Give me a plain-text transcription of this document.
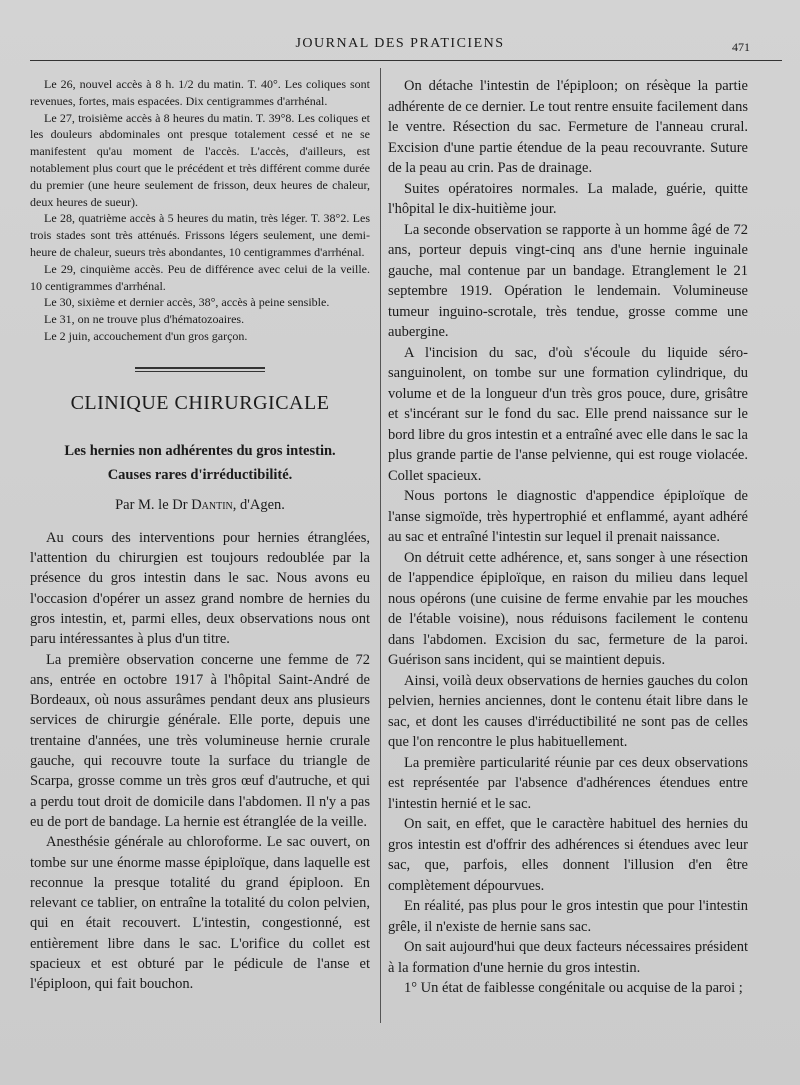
JOURNAL DES PRATICIENS	471

Le 26, nouvel accès à 8 h. 1/2 du matin. T. 40°. Les coliques sont revenues, fortes, mais espacées. Dix centigrammes d'arrhénal.

Le 27, troisième accès à 8 heures du matin. T. 39°8. Les coliques et les douleurs abdominales ont presque totalement cessé et ne se manifestent qu'au moment de l'accès. L'accès, d'ailleurs, est notablement plus court que le précédent et très différent comme durée du premier (une heure seulement de frisson, deux heures de chaleur, deux heures de sueur).

Le 28, quatrième accès à 5 heures du matin, très léger. T. 38°2. Les trois stades sont très atténués. Frissons légers seulement, une demi-heure de chaleur, sueurs très abondantes, 10 centigrammes d'arrhénal.

Le 29, cinquième accès. Peu de différence avec celui de la veille. 10 centigrammes d'arrhénal.

Le 30, sixième et dernier accès, 38°, accès à peine sensible.

Le 31, on ne trouve plus d'hématozoaires.

Le 2 juin, accouchement d'un gros garçon.

CLINIQUE CHIRURGICALE
Les hernies non adhérentes du gros intestin.
Causes rares d'irréductibilité.
Par M. le Dr Dantin, d'Agen.

Au cours des interventions pour hernies étranglées, l'attention du chirurgien est toujours redoublée par la présence du gros intestin dans le sac. Nous avons eu l'occasion d'opérer un assez grand nombre de hernies du gros intestin, et, parmi elles, deux observations nous ont paru intéressantes à plus d'un titre.

La première observation concerne une femme de 72 ans, entrée en octobre 1917 à l'hôpital Saint-André de Bordeaux, où nous assurâmes pendant deux ans plusieurs services de chirurgie générale. Elle porte, depuis une trentaine d'années, une très volumineuse hernie crurale gauche, qui recouvre toute la surface du triangle de Scarpa, grosse comme un très gros œuf d'autruche, et qui a perdu tout droit de domicile dans l'abdomen. Il n'y a pas eu de port de bandage. La hernie est étranglée de la veille.

Anesthésie générale au chloroforme. Le sac ouvert, on tombe sur une énorme masse épiploïque, dans laquelle est reconnue la presque totalité du grand épiploon. En relevant ce tablier, on entraîne la totalité du colon pelvien, qui en était recouvert. L'intestin, congestionné, est entièrement libre dans le sac. L'orifice du collet est spacieux et est obturé par le pédicule de l'anse et l'épiploon, qui fait bouchon.

On détache l'intestin de l'épiploon; on résèque la partie adhérente de ce dernier. Le tout rentre ensuite facilement dans le ventre. Résection du sac. Fermeture de l'anneau crural. Excision d'une partie étendue de la peau recouvrante. Suture de la peau au crin. Pas de drainage.

Suites opératoires normales. La malade, guérie, quitte l'hôpital le dix-huitième jour.

La seconde observation se rapporte à un homme âgé de 72 ans, porteur depuis vingt-cinq ans d'une hernie inguinale gauche, mal contenue par un bandage. Etranglement le 21 septembre 1919. Opération le lendemain. Volumineuse tumeur inguino-scrotale, très tendue, grosse comme une aubergine.

A l'incision du sac, d'où s'écoule du liquide séro-sanguinolent, on tombe sur une formation cylindrique, du volume et de la longueur d'un très gros pouce, dure, grisâtre et s'incérant sur le fond du sac. Elle prend naissance sur le bord libre du gros intestin et a entraîné avec elle dans le sac la plus grande partie de l'anse pelvienne, qui est rouge violacée. Collet spacieux.

Nous portons le diagnostic d'appendice épiploïque de l'anse sigmoïde, très hypertrophié et enflammé, ayant adhéré au sac et entraîné l'intestin sur lequel il prenait naissance.

On détruit cette adhérence, et, sans songer à une résection de l'appendice épiploïque, en raison du milieu dans lequel nous opérons (une cuisine de ferme envahie par les mouches de l'étable voisine), nous réduisons facilement le contenu dans l'abdomen. Excision du sac, fermeture de la paroi. Guérison sans incident, qui se maintient depuis.

Ainsi, voilà deux observations de hernies gauches du colon pelvien, hernies anciennes, dont le contenu était libre dans le sac, et dont les causes d'irréductibilité ne sont pas de celles que l'on rencontre le plus habituellement.

La première particularité réunie par ces deux observations est représentée par l'absence d'adhérences étendues entre l'intestin hernié et le sac.

On sait, en effet, que le caractère habituel des hernies du gros intestin est d'offrir des adhérences si étendues avec leur sac, que, parfois, elles donnent l'illusion d'en être complètement dépourvues.

En réalité, pas plus pour le gros intestin que pour l'intestin grêle, il n'existe de hernie sans sac.

On sait aujourd'hui que deux facteurs nécessaires président à la formation d'une hernie du gros intestin.

1° Un état de faiblesse congénitale ou acquise de la paroi ;
